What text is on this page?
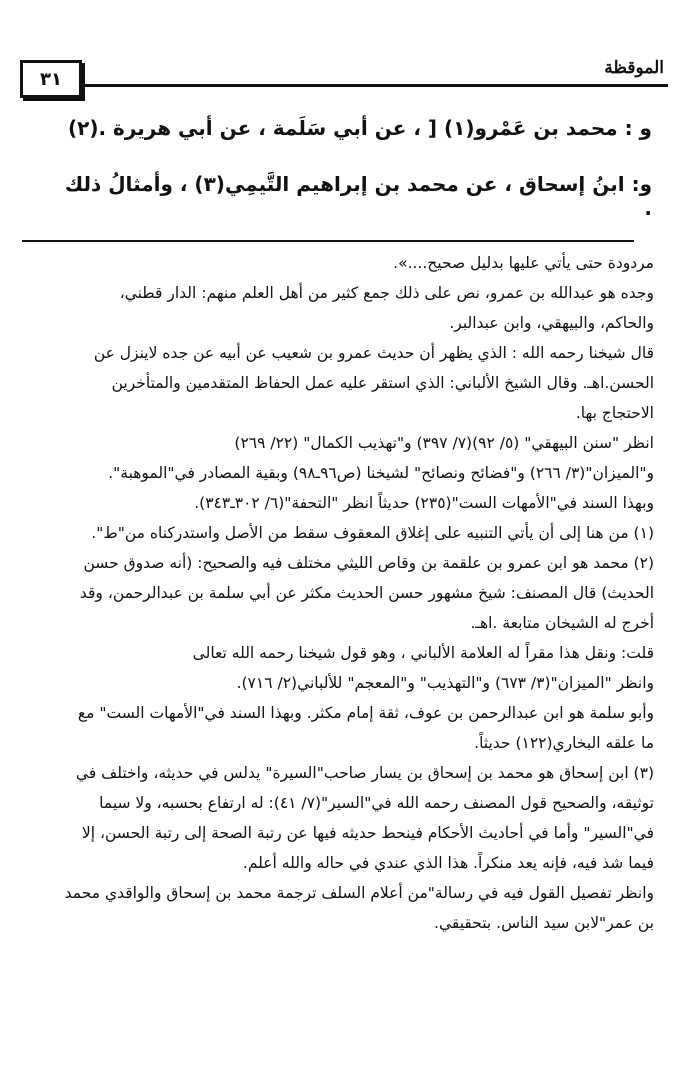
٣١
الموقظة
و : محمد بن عَمْرو(١) [ ، عن أبي سَلَمة ، عن أبي هريرة .(٢)
و: ابنُ إسحاق ، عن محمد بن إبراهيم التَّيمِي(٣) ، وأمثالُ ذلك .

مردودة حتى يأتي عليها بدليل صحيح....».

وجده هو عبدالله بن عمرو، نص على ذلك جمع كثير من أهل العلم منهم: الدار قطني،

والحاكم، والبيهقي، وابن عبدالبر.

قال شيخنا رحمه الله : الذي يظهر أن حديث عمرو بن شعيب عن أبيه عن جده لاينزل عن

الحسن.اهـ. وقال الشيخ الألباني: الذي استقر عليه عمل الحفاظ المتقدمين والمتأخرين

الاحتجاج بها.

انظر "سنن البيهقي" (٥/ ٩٢)(٧/ ٣٩٧) و"تهذيب الكمال" (٢٢/ ٢٦٩)

و"الميزان"(٣/ ٢٦٦) و"فضائح ونصائح" لشيخنا (ص٩٦ـ٩٨) وبقية المصادر في"الموهبة".

وبهذا السند في"الأمهات الست"(٢٣٥) حديثاً انظر "التحفة"(٦/ ٣٠٢ـ٣٤٣).

(١) من هنا إلى أن يأتي التنبيه على إغلاق المعقوف سقط من الأصل واستدركناه من"ط".

(٢) محمد هو ابن عمرو بن علقمة بن وقاص الليثي مختلف فيه والصحيح: (أنه صدوق حسن

الحديث) قال المصنف: شيخ مشهور حسن الحديث مكثر عن أبي سلمة بن عبدالرحمن، وقد

أخرج له الشيخان متابعة .اهـ.

قلت: ونقل هذا مقراً له العلامة الألباني ، وهو قول شيخنا رحمه الله تعالى

وانظر "الميزان"(٣/ ٦٧٣) و"التهذيب" و"المعجم" للألباني(٢/ ٧١٦).

وأبو سلمة هو ابن عبدالرحمن بن عوف، ثقة إمام مكثر. وبهذا السند في"الأمهات الست" مع

ما علقه البخاري(١٢٢) حديثاً.

(٣) ابن إسحاق هو محمد بن إسحاق بن يسار صاحب"السيرة" يدلس في حديثه، واختلف في

توثيقه، والصحيح قول المصنف رحمه الله في"السير"(٧/ ٤١): له ارتفاع بحسبه، ولا سيما

في"السير" وأما في أحاديث الأحكام فينحط حديثه فيها عن رتبة الصحة إلى رتبة الحسن، إلا

فيما شذ فيه، فإنه يعد منكراً. هذا الذي عندي في حاله والله أعلم.

وانظر تفصيل القول فيه في رسالة"من أعلام السلف ترجمة محمد بن إسحاق والواقدي محمد

بن عمر"لابن سيد الناس. بتحقيقي.
